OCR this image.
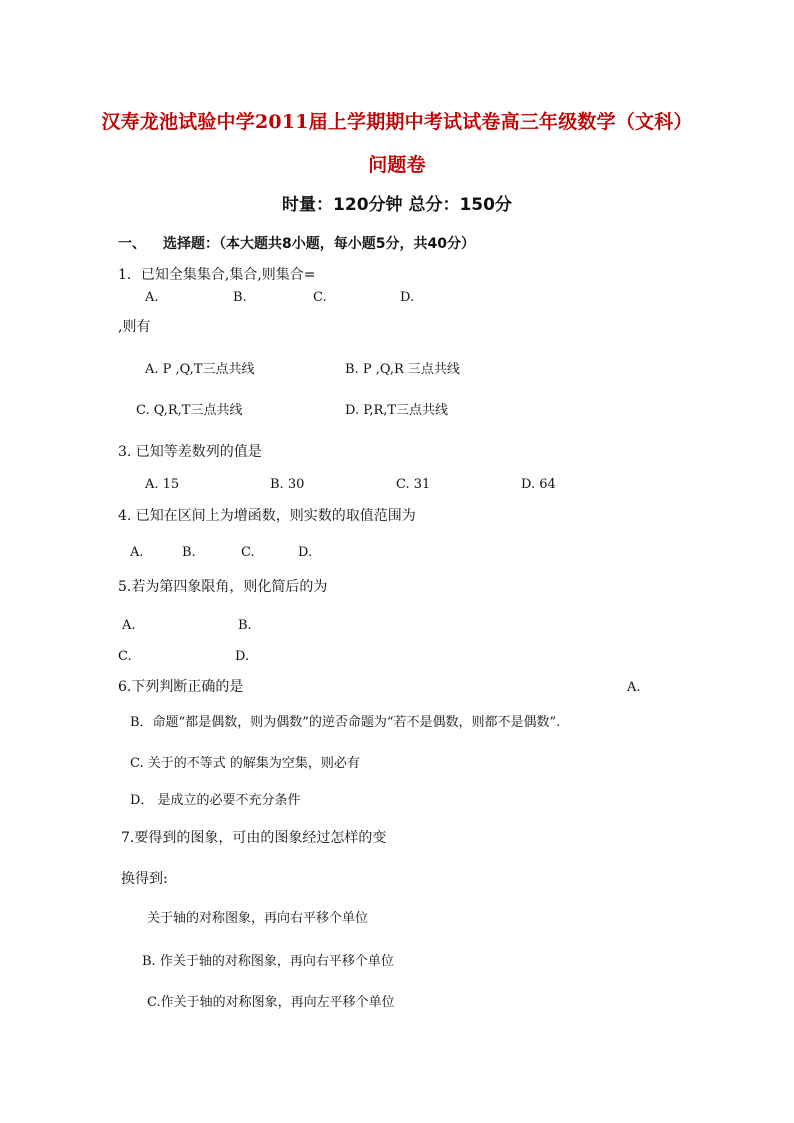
汉寿龙池试验中学2011届上学期期中考试试卷高三年级数学（文科）
问题卷
时量：120分钟 总分：150分
一、 选择题：（本大题共8小题，每小题5分，共40分）
1．已知全集集合,集合,则集合=
A.	B.	C.	D.
,则有
A. P ,Q,T三点共线	B. P ,Q,R 三点共线
C. Q,R,T三点共线	D. P,R,T三点共线
3. 已知等差数列的值是
A. 15	B. 30	C. 31	D. 64
4. 已知在区间上为增函数，则实数的取值范围为
A.	B.	C.	D.
5.若为第四象限角，则化简后的为
A.	B.
C.	D.
6.下列判断正确的是	A.
B．命题“都是偶数，则为偶数”的逆否命题为“若不是偶数，则都不是偶数”.
C. 关于的不等式 的解集为空集，则必有
D． 是成立的必要不充分条件
7.要得到的图象，可由的图象经过怎样的变
换得到:
关于轴的对称图象，再向右平移个单位
B. 作关于轴的对称图象，再向右平移个单位
C.作关于轴的对称图象，再向左平移个单位
